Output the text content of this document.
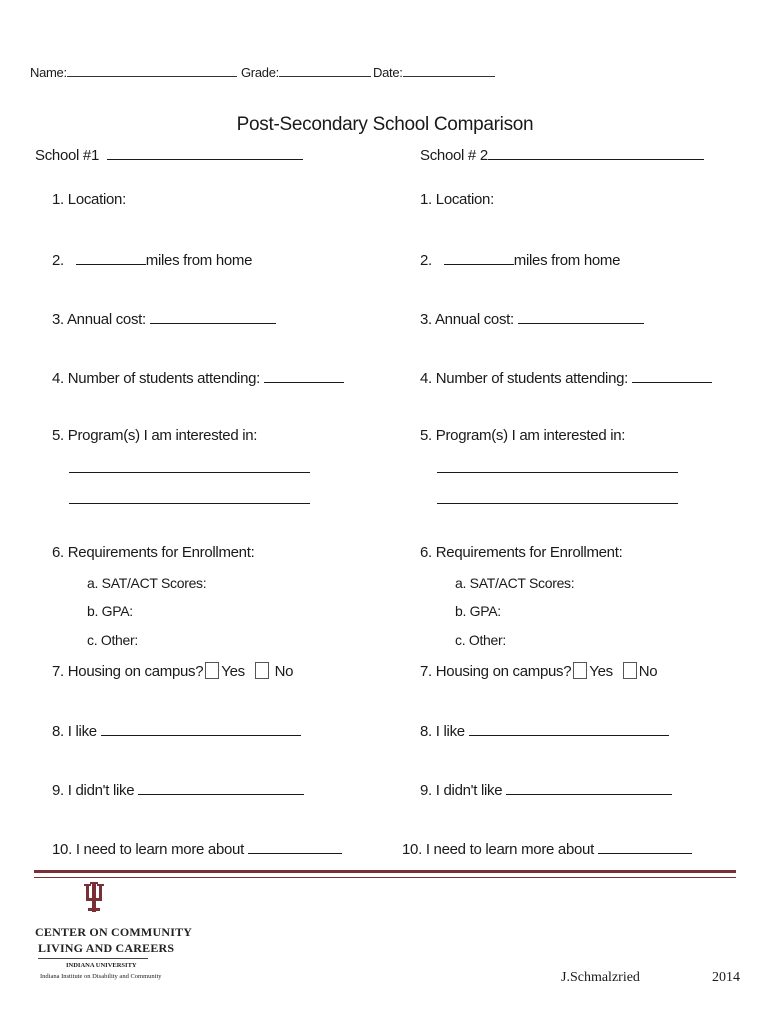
Name:	Grade:	Date:
Post-Secondary School Comparison
School #1
1. Location:
2.	miles from home
3. Annual cost:
4. Number of students attending:
5. Program(s) I am interested in:
6. Requirements for Enrollment:
a. SAT/ACT Scores:
b. GPA:
c. Other:
7. Housing on campus? Yes No
8. I like
9. I didn't like
10. I need to learn more about
School # 2
1. Location:
2.	miles from home
3. Annual cost:
4. Number of students attending:
5. Program(s) I am interested in:
6. Requirements for Enrollment:
a. SAT/ACT Scores:
b. GPA:
c. Other:
7. Housing on campus? Yes No
8. I like
9. I didn't like
10. I need to learn more about
CENTER ON COMMUNITY
LIVING AND CAREERS
INDIANA UNIVERSITY
Indiana Institute on Disability and Community	J.Schmalzried	2014
